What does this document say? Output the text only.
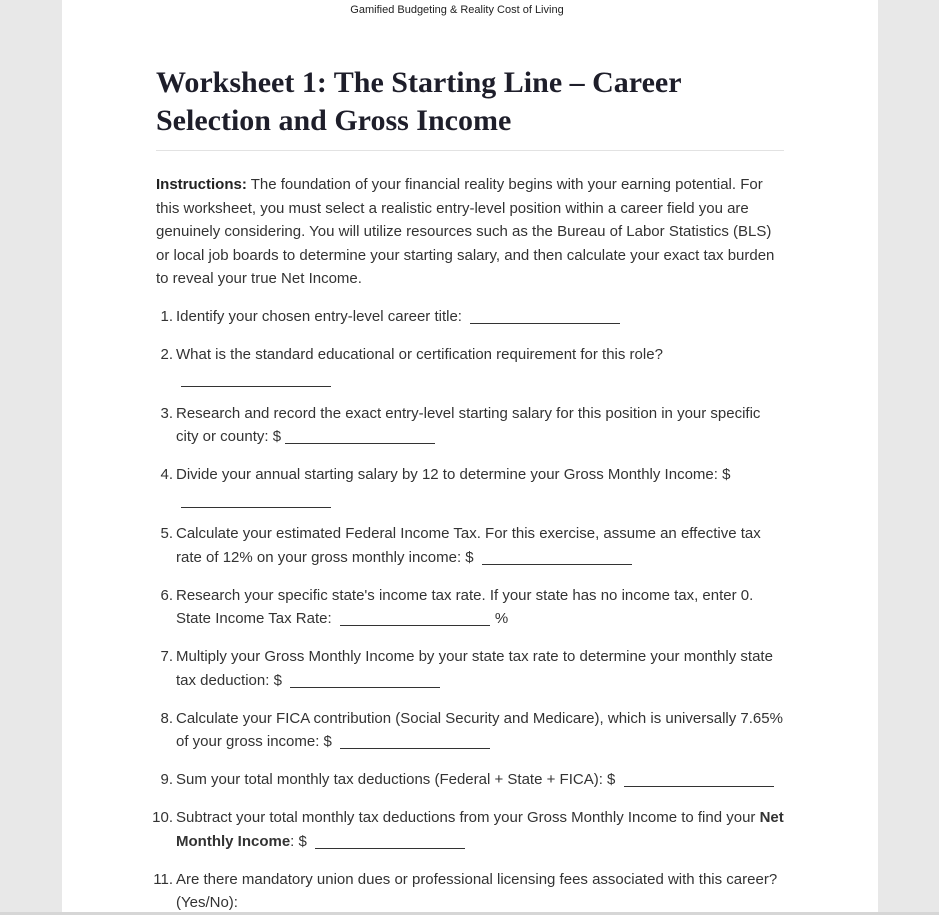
Gamified Budgeting & Reality Cost of Living
Worksheet 1: The Starting Line – Career Selection and Gross Income

Instructions: The foundation of your financial reality begins with your earning potential. For this worksheet, you must select a realistic entry-level position within a career field you are genuinely considering. You will utilize resources such as the Bureau of Labor Statistics (BLS) or local job boards to determine your starting salary, and then calculate your exact tax burden to reveal your true Net Income.

1. Identify your chosen entry-level career title:
2. What is the standard educational or certification requirement for this role?
3. Research and record the exact entry-level starting salary for this position in your specific city or county: $
4. Divide your annual starting salary by 12 to determine your Gross Monthly Income: $
5. Calculate your estimated Federal Income Tax. For this exercise, assume an effective tax rate of 12% on your gross monthly income: $
6. Research your specific state's income tax rate. If your state has no income tax, enter 0. State Income Tax Rate:	%
7. Multiply your Gross Monthly Income by your state tax rate to determine your monthly state tax deduction: $
8. Calculate your FICA contribution (Social Security and Medicare), which is universally 7.65% of your gross income: $
9. Sum your total monthly tax deductions (Federal + State + FICA): $
10. Subtract your total monthly tax deductions from your Gross Monthly Income to find your Net Monthly Income: $
11. Are there mandatory union dues or professional licensing fees associated with this career? (Yes/No):
